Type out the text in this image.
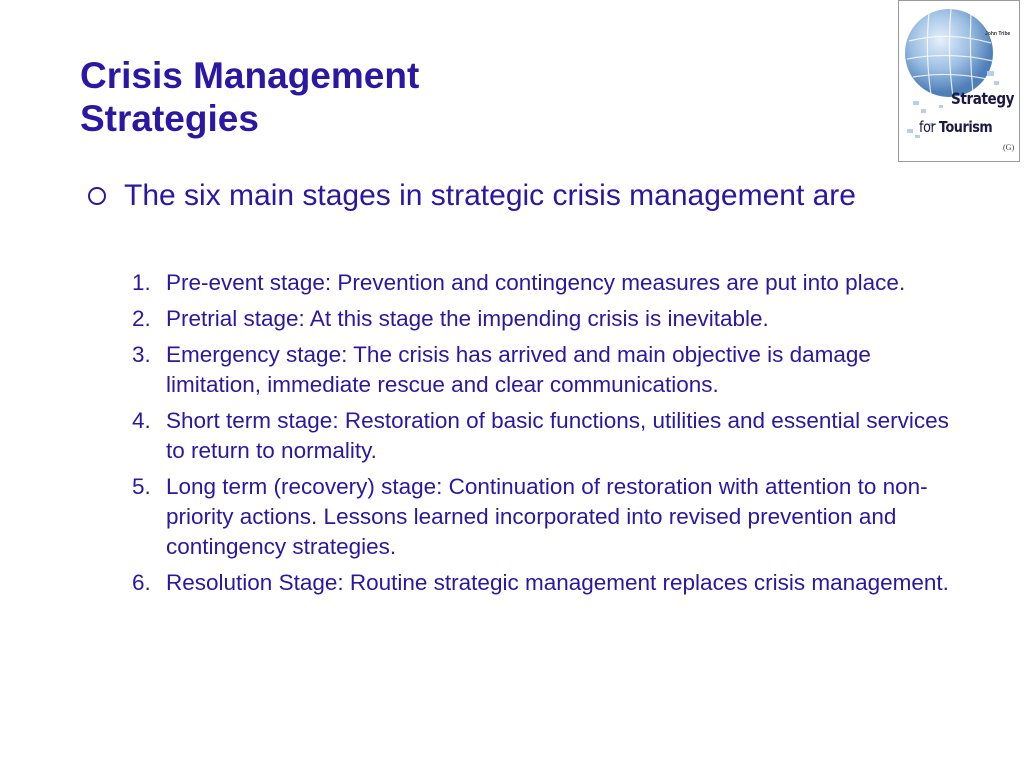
Crisis Management
Strategies
John Tribe
Strategy
for Tourism
(G)
The six main stages in strategic crisis management are
1. Pre-event stage: Prevention and contingency measures are put into place.
2. Pretrial stage: At this stage the impending crisis is inevitable.
3. Emergency stage: The crisis has arrived and main objective is damage limitation, immediate rescue and clear communications.
4. Short term stage: Restoration of basic functions, utilities and essential services to return to normality.
5. Long term (recovery) stage: Continuation of restoration with attention to non-priority actions. Lessons learned incorporated into revised prevention and contingency strategies.
6. Resolution Stage: Routine strategic management replaces crisis management.
